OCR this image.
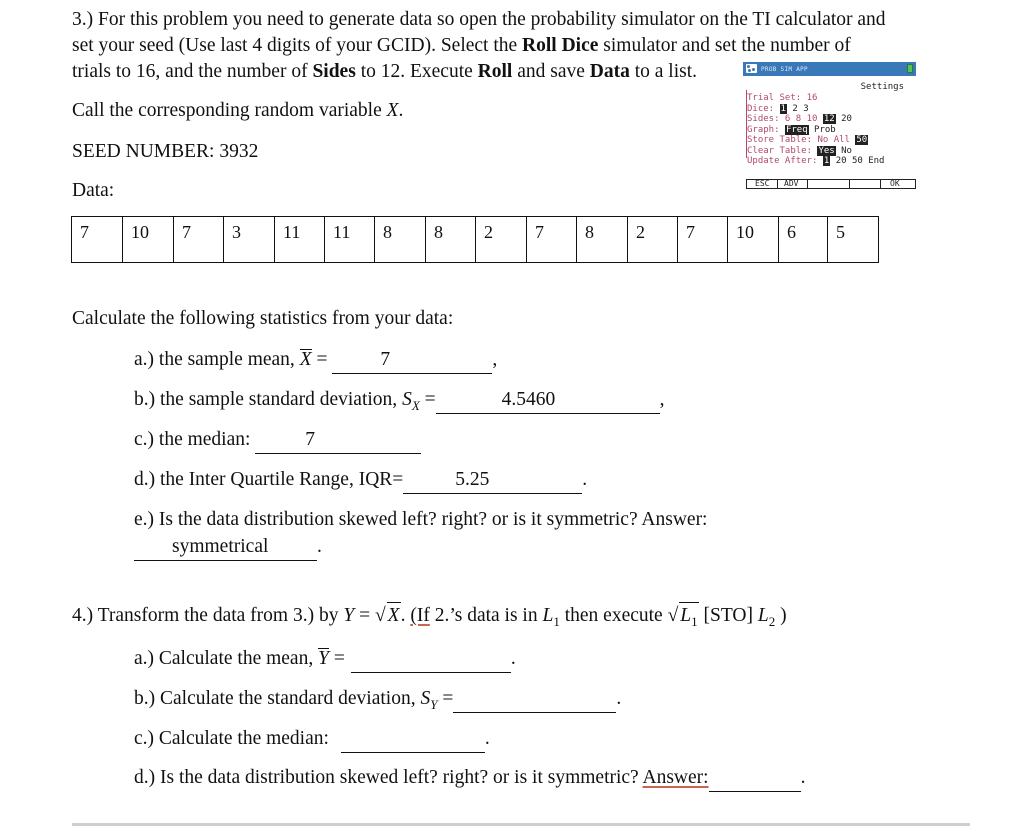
3.) For this problem you need to generate data so open the probability simulator on the TI calculator and
set your seed (Use last 4 digits of your GCID). Select the Roll Dice simulator and set the number of
trials to 16, and the number of Sides to 12. Execute Roll and save Data to a list.	PROB SIM APP
Settings
Trial Set: 16
Dice: 1 2 3
Sides: 6 8 10 12 20
Graph: Freq Prob
Store Table: No All 50
Clear Table: Yes No
Update After: 1 20 50 End
ESC ADV	OK
Call the corresponding random variable X.
SEED NUMBER: 3932
Data:
7	10	7	3	11	11	8	8	2	7	8	2	7	10	6	5
Calculate the following statistics from your data:
a.) the sample mean, X = 7	,
b.) the sample standard deviation, $S_X$ =	4.5460	,
c.) the median:	7
d.) the Inter Quartile Range, IQR=	5.25	.
e.) Is the data distribution skewed left? right? or is it symmetric? Answer:
symmetrical .
4.) Transform the data from 3.) by Y = √ X. (If 2.’s data is in $L_1$ then execute √ $L_1$ [STO] $L_2$ )
a.) Calculate the mean, Y =	.
b.) Calculate the standard deviation, $S_Y$ =	.
c.) Calculate the median:	.
d.) Is the data distribution skewed left? right? or is it symmetric? Answer:	.
